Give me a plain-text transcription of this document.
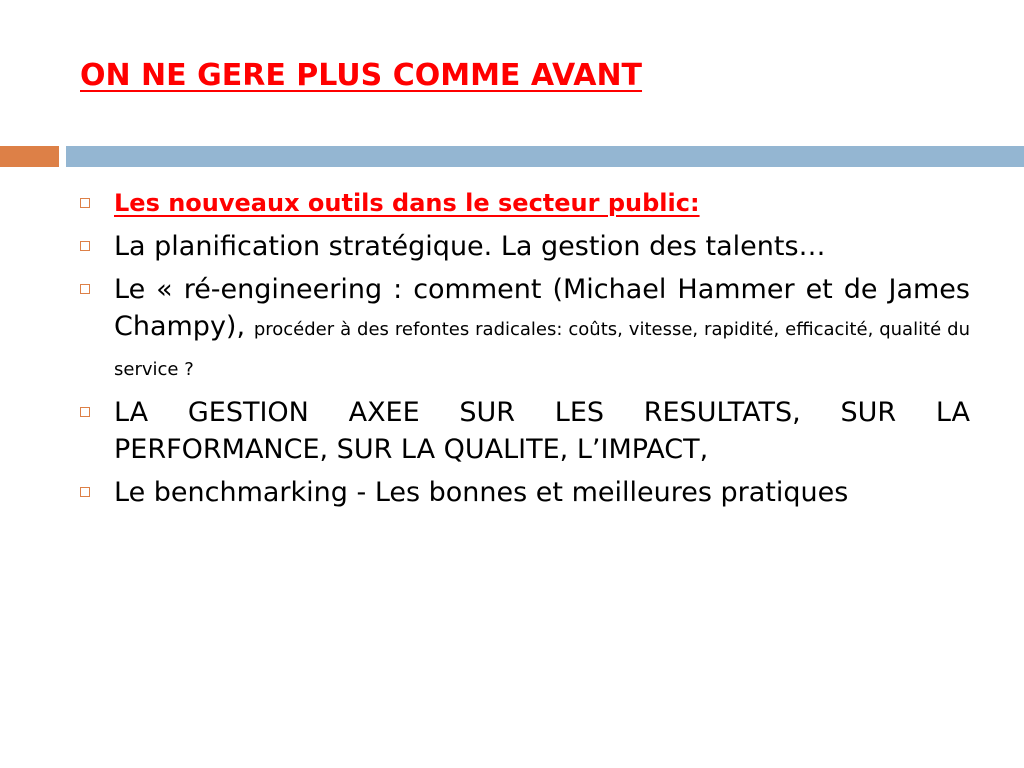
ON NE GERE PLUS COMME AVANT
Les nouveaux outils dans le secteur public:
La planification stratégique. La gestion des talents…
Le « ré-engineering : comment (Michael Hammer et de James Champy), procéder à des refontes radicales: coûts, vitesse, rapidité, efficacité, qualité du service ?
LA GESTION AXEE SUR LES RESULTATS, SUR LA PERFORMANCE, SUR LA QUALITE, L’IMPACT,
Le benchmarking - Les bonnes et meilleures pratiques
